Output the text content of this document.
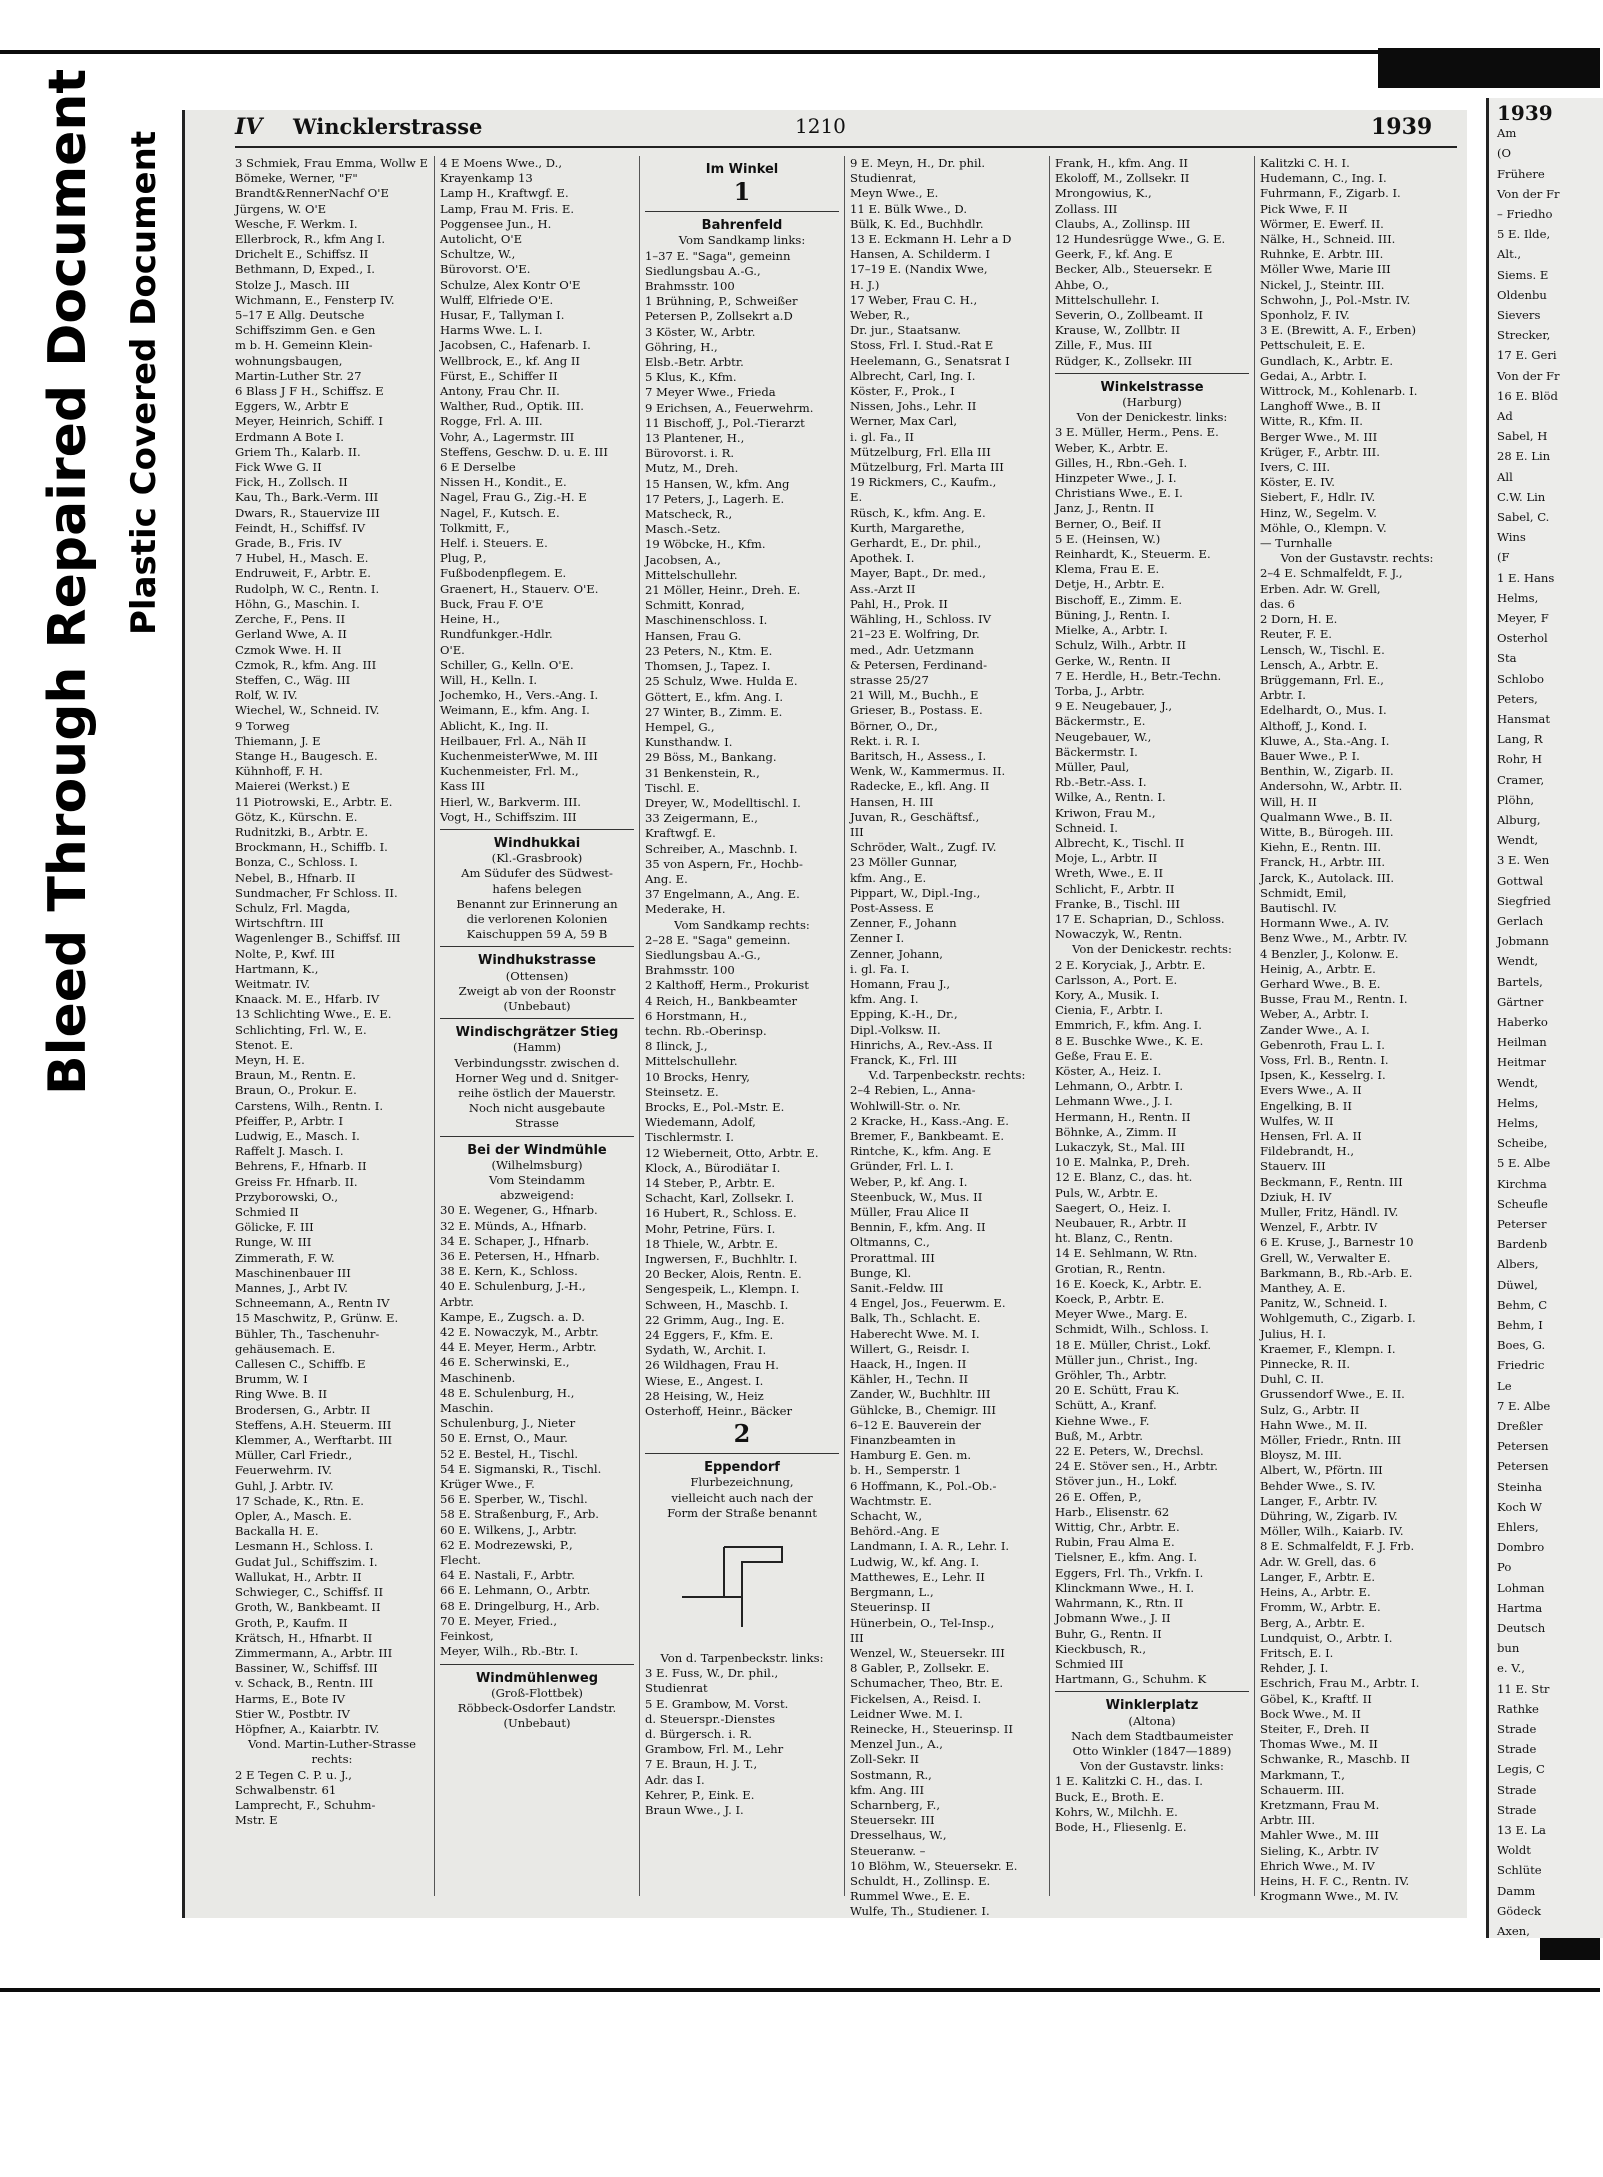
Bleed Through Repaired Document Plastic Covered Document
IV Wincklerstrasse	1210	1939

3 Schmiek, Frau Emma, Wollw E

Bömeke, Werner, "F"

Brandt&RennerNachf O'E

Jürgens, W. O'E

Wesche, F. Werkm. I.

Ellerbrock, R., kfm Ang I.

Drichelt E., Schiffsz. II

Bethmann, D, Exped., I.

Stolze J., Masch. III

Wichmann, E., Fensterp IV.

5–17 E Allg. Deutsche

Schiffszimm Gen. e Gen

m b. H. Gemeinn Klein-

wohnungsbaugen,

Martin-Luther Str. 27

6 Blass J F H., Schiffsz. E

Eggers, W., Arbtr E

Meyer, Heinrich, Schiff. I

Erdmann A Bote I.

Griem Th., Kalarb. II.

Fick Wwe G. II

Fick, H., Zollsch. II

Kau, Th., Bark.-Verm. III

Dwars, R., Stauervize III

Feindt, H., Schiffsf. IV

Grade, B., Fris. IV

7 Hubel, H., Masch. E.

Endruweit, F., Arbtr. E.

Rudolph, W. C., Rentn. I.

Höhn, G., Maschin. I.

Zerche, F., Pens. II

Gerland Wwe, A. II

Czmok Wwe. H. II

Czmok, R., kfm. Ang. III

Steffen, C., Wäg. III

Rolf, W. IV.

Wiechel, W., Schneid. IV.

9 Torweg

Thiemann, J. E

Stange H., Baugesch. E.

Kühnhoff, F. H.

Maierei (Werkst.) E

11 Piotrowski, E., Arbtr. E.

Götz, K., Kürschn. E.

Rudnitzki, B., Arbtr. E.

Brockmann, H., Schiffb. I.

Bonza, C., Schloss. I.

Nebel, B., Hfnarb. II

Sundmacher, Fr Schloss. II.

Schulz, Frl. Magda,

Wirtschftrn. III

Wagenlenger B., Schiffsf. III

Nolte, P., Kwf. III

Hartmann, K.,

Weitmatr. IV.

Knaack. M. E., Hfarb. IV

13 Schlichting Wwe., E. E.

Schlichting, Frl. W., E.

Stenot. E.

Meyn, H. E.

Braun, M., Rentn. E.

Braun, O., Prokur. E.

Carstens, Wilh., Rentn. I.

Pfeiffer, P., Arbtr. I

Ludwig, E., Masch. I.

Raffelt J. Masch. I.

Behrens, F., Hfnarb. II

Greiss Fr. Hfnarb. II.

Przyborowski, O.,

Schmied II

Gölicke, F. III

Runge, W. III

Zimmerath, F. W.

Maschinenbauer III

Mannes, J., Arbt IV.

Schneemann, A., Rentn IV

15 Maschwitz, P., Grünw. E.

Bühler, Th., Taschenuhr-

gehäusemach. E.

Callesen C., Schiffb. E

Brumm, W. I

Ring Wwe. B. II

Brodersen, G., Arbtr. II

Steffens, A.H. Steuerm. III

Klemmer, A., Werftarbt. III

Müller, Carl Friedr.,

Feuerwehrm. IV.

Guhl, J. Arbtr. IV.

17 Schade, K., Rtn. E.

Opler, A., Masch. E.

Backalla H. E.

Lesmann H., Schloss. I.

Gudat Jul., Schiffszim. I.

Wallukat, H., Arbtr. II

Schwieger, C., Schiffsf. II

Groth, W., Bankbeamt. II

Groth, P., Kaufm. II

Krätsch, H., Hfnarbt. II

Zimmermann, A., Arbtr. III

Bassiner, W., Schiffsf. III

v. Schack, B., Rentn. III

Harms, E., Bote IV

Stier W., Postbtr. IV

Höpfner, A., Kaiarbtr. IV.

Vond. Martin-Luther-Strasse

rechts:

2 E Tegen C. P. u. J.,

Schwalbenstr. 61

Lamprecht, F., Schuhm-

Mstr. E

4 E Moens Wwe., D.,

Krayenkamp 13

Lamp H., Kraftwgf. E.

Lamp, Frau M. Fris. E.

Poggensee Jun., H.

Autolicht, O'E

Schultze, W.,

Bürovorst. O'E.

Schulze, Alex Kontr O'E

Wulff, Elfriede O'E.

Husar, F., Tallyman I.

Harms Wwe. L. I.

Jacobsen, C., Hafenarb. I.

Wellbrock, E., kf. Ang II

Fürst, E., Schiffer II

Antony, Frau Chr. II.

Walther, Rud., Optik. III.

Rogge, Frl. A. III.

Vohr, A., Lagermstr. III

Steffens, Geschw. D. u. E. III

6 E Derselbe

Nissen H., Kondit., E.

Nagel, Frau G., Zig.-H. E

Nagel, F., Kutsch. E.

Tolkmitt, F.,

Helf. i. Steuers. E.

Plug, P.,

Fußbodenpflegem. E.

Graenert, H., Stauerv. O'E.

Buck, Frau F. O'E

Heine, H.,

Rundfunkger.-Hdlr.

O'E.

Schiller, G., Kelln. O'E.

Will, H., Kelln. I.

Jochemko, H., Vers.-Ang. I.

Weimann, E., kfm. Ang. I.

Ablicht, K., Ing. II.

Heilbauer, Frl. A., Näh II

KuchenmeisterWwe, M. III

Kuchenmeister, Frl. M.,

Kass III

Hierl, W., Barkverm. III.

Vogt, H., Schiffszim. III

Windhukkai

(Kl.-Grasbrook)

Am Südufer des Südwest-

hafens belegen

Benannt zur Erinnerung an

die verlorenen Kolonien

Kaischuppen 59 A, 59 B

Windhukstrasse

(Ottensen)

Zweigt ab von der Roonstr

(Unbebaut)

Windischgrätzer Stieg

(Hamm)

Verbindungsstr. zwischen d.

Horner Weg und d. Snitger-

reihe östlich der Mauerstr.

Noch nicht ausgebaute

Strasse

Bei der Windmühle

(Wilhelmsburg)

Vom Steindamm

abzweigend:

30 E. Wegener, G., Hfnarb.

32 E. Münds, A., Hfnarb.

34 E. Schaper, J., Hfnarb.

36 E. Petersen, H., Hfnarb.

38 E. Kern, K., Schloss.

40 E. Schulenburg, J.-H.,

Arbtr.

Kampe, E., Zugsch. a. D.

42 E. Nowaczyk, M., Arbtr.

44 E. Meyer, Herm., Arbtr.

46 E. Scherwinski, E.,

Maschinenb.

48 E. Schulenburg, H.,

Maschin.

Schulenburg, J., Nieter

50 E. Ernst, O., Maur.

52 E. Bestel, H., Tischl.

54 E. Sigmanski, R., Tischl.

Krüger Wwe., F.

56 E. Sperber, W., Tischl.

58 E. Straßenburg, F., Arb.

60 E. Wilkens, J., Arbtr.

62 E. Modrezewski, P.,

Flecht.

64 E. Nastali, F., Arbtr.

66 E. Lehmann, O., Arbtr.

68 E. Dringelburg, H., Arb.

70 E. Meyer, Fried.,

Feinkost,

Meyer, Wilh., Rb.-Btr. I.

Windmühlenweg

(Groß-Flottbek)

Röbbeck-Osdorfer Landstr.

(Unbebaut)

Im Winkel

1

Bahrenfeld

Vom Sandkamp links:

1–37 E. "Saga", gemeinn

Siedlungsbau A.-G.,

Brahmsstr. 100

1 Brühning, P., Schweißer

Petersen P., Zollsekrt a.D

3 Köster, W., Arbtr.

Göhring, H.,

Elsb.-Betr. Arbtr.

5 Klus, K., Kfm.

7 Meyer Wwe., Frieda

9 Erichsen, A., Feuerwehrm.

11 Bischoff, J., Pol.-Tierarzt

13 Plantener, H.,

Bürovorst. i. R.

Mutz, M., Dreh.

15 Hansen, W., kfm. Ang

17 Peters, J., Lagerh. E.

Matscheck, R.,

Masch.-Setz.

19 Wöbcke, H., Kfm.

Jacobsen, A.,

Mittelschullehr.

21 Möller, Heinr., Dreh. E.

Schmitt, Konrad,

Maschinenschloss. I.

Hansen, Frau G.

23 Peters, N., Ktm. E.

Thomsen, J., Tapez. I.

25 Schulz, Wwe. Hulda E.

Göttert, E., kfm. Ang. I.

27 Winter, B., Zimm. E.

Hempel, G.,

Kunsthandw. I.

29 Böss, M., Bankang.

31 Benkenstein, R.,

Tischl. E.

Dreyer, W., Modelltischl. I.

33 Zeigermann, E.,

Kraftwgf. E.

Schreiber, A., Maschnb. I.

35 von Aspern, Fr., Hochb-

Ang. E.

37 Engelmann, A., Ang. E.

Mederake, H.

Vom Sandkamp rechts:

2–28 E. "Saga" gemeinn.

Siedlungsbau A.-G.,

Brahmsstr. 100

2 Kalthoff, Herm., Prokurist

4 Reich, H., Bankbeamter

6 Horstmann, H.,

techn. Rb.-Oberinsp.

8 Ilinck, J.,

Mittelschullehr.

10 Brocks, Henry,

Steinsetz. E.

Brocks, E., Pol.-Mstr. E.

Wiedemann, Adolf,

Tischlermstr. I.

12 Wieberneit, Otto, Arbtr. E.

Klock, A., Bürodiätar I.

14 Steber, P., Arbtr. E.

Schacht, Karl, Zollsekr. I.

16 Hubert, R., Schloss. E.

Mohr, Petrine, Fürs. I.

18 Thiele, W., Arbtr. E.

Ingwersen, F., Buchhltr. I.

20 Becker, Alois, Rentn. E.

Sengespeik, L., Klempn. I.

Schween, H., Maschb. I.

22 Grimm, Aug., Ing. E.

24 Eggers, F., Kfm. E.

Sydath, W., Archit. I.

26 Wildhagen, Frau H.

Wiese, E., Angest. I.

28 Heising, W., Heiz

Osterhoff, Heinr., Bäcker

2

Eppendorf

Flurbezeichnung,

vielleicht auch nach der

Form der Straße benannt

Von d. Tarpenbeckstr. links:

3 E. Fuss, W., Dr. phil.,

Studienrat

5 E. Grambow, M. Vorst.

d. Steuerspr.-Dienstes

d. Bürgersch. i. R.

Grambow, Frl. M., Lehr

7 E. Braun, H. J. T.,

Adr. das I.

Kehrer, P., Eink. E.

Braun Wwe., J. I.

9 E. Meyn, H., Dr. phil.

Studienrat,

Meyn Wwe., E.

11 E. Bülk Wwe., D.

Bülk, K. Ed., Buchhdlr.

13 E. Eckmann H. Lehr a D

Hansen, A. Schilderm. I

17–19 E. (Nandix Wwe,

H. J.)

17 Weber, Frau C. H.,

Weber, R.,

Dr. jur., Staatsanw.

Stoss, Frl. I. Stud.-Rat E

Heelemann, G., Senatsrat I

Albrecht, Carl, Ing. I.

Köster, F., Prok., I

Nissen, Johs., Lehr. II

Werner, Max Carl,

i. gl. Fa., II

Mützelburg, Frl. Ella III

Mützelburg, Frl. Marta III

19 Rickmers, C., Kaufm.,

E.

Rüsch, K., kfm. Ang. E.

Kurth, Margarethe,

Gerhardt, E., Dr. phil.,

Apothek. I.

Mayer, Bapt., Dr. med.,

Ass.-Arzt II

Pahl, H., Prok. II

Wähling, H., Schloss. IV

21–23 E. Wolfring, Dr.

med., Adr. Uetzmann

& Petersen, Ferdinand-

strasse 25/27

21 Will, M., Buchh., E

Grieser, B., Postass. E.

Börner, O., Dr.,

Rekt. i. R. I.

Baritsch, H., Assess., I.

Wenk, W., Kammermus. II.

Radecke, E., kfl. Ang. II

Hansen, H. III

Juvan, R., Geschäftsf.,

III

Schröder, Walt., Zugf. IV.

23 Möller Gunnar,

kfm. Ang., E.

Pippart, W., Dipl.-Ing.,

Post-Assess. E

Zenner, F., Johann

Zenner I.

Zenner, Johann,

i. gl. Fa. I.

Homann, Frau J.,

kfm. Ang. I.

Epping, K.-H., Dr.,

Dipl.-Volksw. II.

Hinrichs, A., Rev.-Ass. II

Franck, K., Frl. III

V.d. Tarpenbeckstr. rechts:

2–4 Rebien, L., Anna-

Wohlwill-Str. o. Nr.

2 Kracke, H., Kass.-Ang. E.

Bremer, F., Bankbeamt. E.

Rintche, K., kfm. Ang. E

Gründer, Frl. L. I.

Weber, P., kf. Ang. I.

Steenbuck, W., Mus. II

Müller, Frau Alice II

Bennin, F., kfm. Ang. II

Oltmanns, C.,

Prorattmal. III

Bunge, Kl.

Sanit.-Feldw. III

4 Engel, Jos., Feuerwm. E.

Balk, Th., Schlacht. E.

Haberecht Wwe. M. I.

Willert, G., Reisdr. I.

Haack, H., Ingen. II

Kähler, H., Techn. II

Zander, W., Buchhltr. III

Gühlcke, B., Chemigr. III

6–12 E. Bauverein der

Finanzbeamten in

Hamburg E. Gen. m.

b. H., Semperstr. 1

6 Hoffmann, K., Pol.-Ob.-

Wachtmstr. E.

Schacht, W.,

Behörd.-Ang. E

Landmann, I. A. R., Lehr. I.

Ludwig, W., kf. Ang. I.

Matthewes, E., Lehr. II

Bergmann, L.,

Steuerinsp. II

Hünerbein, O., Tel-Insp.,

III

Wenzel, W., Steuersekr. III

8 Gabler, P., Zollsekr. E.

Schumacher, Theo, Btr. E.

Fickelsen, A., Reisd. I.

Leidner Wwe. M. I.

Reinecke, H., Steuerinsp. II

Menzel Jun., A.,

Zoll-Sekr. II

Sostmann, R.,

kfm. Ang. III

Scharnberg, F.,

Steuersekr. III

Dresselhaus, W.,

Steueranw. –

10 Blöhm, W., Steuersekr. E.

Schuldt, H., Zollinsp. E.

Rummel Wwe., E. E.

Wulfe, Th., Studiener. I.

Frank, H., kfm. Ang. II

Ekoloff, M., Zollsekr. II

Mrongowius, K.,

Zollass. III

Claubs, A., Zollinsp. III

12 Hundesrügge Wwe., G. E.

Geerk, F., kf. Ang. E

Becker, Alb., Steuersekr. E

Ahbe, O.,

Mittelschullehr. I.

Severin, O., Zollbeamt. II

Krause, W., Zollbtr. II

Zille, F., Mus. III

Rüdger, K., Zollsekr. III

Winkelstrasse

(Harburg)

Von der Denickestr. links:

3 E. Müller, Herm., Pens. E.

Weber, K., Arbtr. E.

Gilles, H., Rbn.-Geh. I.

Hinzpeter Wwe., J. I.

Christians Wwe., E. I.

Janz, J., Rentn. II

Berner, O., Beif. II

5 E. (Heinsen, W.)

Reinhardt, K., Steuerm. E.

Klema, Frau E. E.

Detje, H., Arbtr. E.

Bischoff, E., Zimm. E.

Büning, J., Rentn. I.

Mielke, A., Arbtr. I.

Schulz, Wilh., Arbtr. II

Gerke, W., Rentn. II

7 E. Herdle, H., Betr.-Techn.

Torba, J., Arbtr.

9 E. Neugebauer, J.,

Bäckermstr., E.

Neugebauer, W.,

Bäckermstr. I.

Müller, Paul,

Rb.-Betr.-Ass. I.

Wilke, A., Rentn. I.

Kriwon, Frau M.,

Schneid. I.

Albrecht, K., Tischl. II

Moje, L., Arbtr. II

Wreth, Wwe., E. II

Schlicht, F., Arbtr. II

Franke, B., Tischl. III

17 E. Schaprian, D., Schloss.

Nowaczyk, W., Rentn.

Von der Denickestr. rechts:

2 E. Koryciak, J., Arbtr. E.

Carlsson, A., Port. E.

Kory, A., Musik. I.

Cienia, F., Arbtr. I.

Emmrich, F., kfm. Ang. I.

8 E. Buschke Wwe., K. E.

Geße, Frau E. E.

Köster, A., Heiz. I.

Lehmann, O., Arbtr. I.

Lehmann Wwe., J. I.

Hermann, H., Rentn. II

Böhnke, A., Zimm. II

Lukaczyk, St., Mal. III

10 E. Malnka, P., Dreh.

12 E. Blanz, C., das. ht.

Puls, W., Arbtr. E.

Saegert, O., Heiz. I.

Neubauer, R., Arbtr. II

ht. Blanz, C., Rentn.

14 E. Sehlmann, W. Rtn.

Grotian, R., Rentn.

16 E. Koeck, K., Arbtr. E.

Koeck, P., Arbtr. E.

Meyer Wwe., Marg. E.

Schmidt, Wilh., Schloss. I.

18 E. Müller, Christ., Lokf.

Müller jun., Christ., Ing.

Gröhler, Th., Arbtr.

20 E. Schütt, Frau K.

Schütt, A., Kranf.

Kiehne Wwe., F.

Buß, M., Arbtr.

22 E. Peters, W., Drechsl.

24 E. Stöver sen., H., Arbtr.

Stöver jun., H., Lokf.

26 E. Offen, P.,

Harb., Elisenstr. 62

Wittig, Chr., Arbtr. E.

Rubin, Frau Alma E.

Tielsner, E., kfm. Ang. I.

Eggers, Frl. Th., Vrkfn. I.

Klinckmann Wwe., H. I.

Wahrmann, K., Rtn. II

Jobmann Wwe., J. II

Buhr, G., Rentn. II

Kieckbusch, R.,

Schmied III

Hartmann, G., Schuhm. K

Winklerplatz

(Altona)

Nach dem Stadtbaumeister

Otto Winkler (1847—1889)

Von der Gustavstr. links:

1 E. Kalitzki C. H., das. I.

Buck, E., Broth. E.

Kohrs, W., Milchh. E.

Bode, H., Fliesenlg. E.

Kalitzki C. H. I.

Hudemann, C., Ing. I.

Fuhrmann, F., Zigarb. I.

Pick Wwe, F. II

Wörmer, E. Ewerf. II.

Nälke, H., Schneid. III.

Ruhnke, E. Arbtr. III.

Möller Wwe, Marie III

Nickel, J., Steintr. III.

Schwohn, J., Pol.-Mstr. IV.

Sponholz, F. IV.

3 E. (Brewitt, A. F., Erben)

Pettschuleit, E. E.

Gundlach, K., Arbtr. E.

Gedai, A., Arbtr. I.

Wittrock, M., Kohlenarb. I.

Langhoff Wwe., B. II

Witte, R., Kfm. II.

Berger Wwe., M. III

Krüger, F., Arbtr. III.

Ivers, C. III.

Köster, E. IV.

Siebert, F., Hdlr. IV.

Hinz, W., Segelm. V.

Möhle, O., Klempn. V.

— Turnhalle

Von der Gustavstr. rechts:

2–4 E. Schmalfeldt, F. J.,

Erben. Adr. W. Grell,

das. 6

2 Dorn, H. E.

Reuter, F. E.

Lensch, W., Tischl. E.

Lensch, A., Arbtr. E.

Brüggemann, Frl. E.,

Arbtr. I.

Edelhardt, O., Mus. I.

Althoff, J., Kond. I.

Kluwe, A., Sta.-Ang. I.

Bauer Wwe., P. I.

Benthin, W., Zigarb. II.

Andersohn, W., Arbtr. II.

Will, H. II

Qualmann Wwe., B. II.

Witte, B., Bürogeh. III.

Kiehn, E., Rentn. III.

Franck, H., Arbtr. III.

Jarck, K., Autolack. III.

Schmidt, Emil,

Bautischl. IV.

Hormann Wwe., A. IV.

Benz Wwe., M., Arbtr. IV.

4 Benzler, J., Kolonw. E.

Heinig, A., Arbtr. E.

Gerhard Wwe., B. E.

Busse, Frau M., Rentn. I.

Weber, A., Arbtr. I.

Zander Wwe., A. I.

Gebenroth, Frau L. I.

Voss, Frl. B., Rentn. I.

Ipsen, K., Kesselrg. I.

Evers Wwe., A. II

Engelking, B. II

Wulfes, W. II

Hensen, Frl. A. II

Fildebrandt, H.,

Stauerv. III

Beckmann, F., Rentn. III

Dziuk, H. IV

Muller, Fritz, Händl. IV.

Wenzel, F., Arbtr. IV

6 E. Kruse, J., Barnestr 10

Grell, W., Verwalter E.

Barkmann, B., Rb.-Arb. E.

Manthey, A. E.

Panitz, W., Schneid. I.

Wohlgemuth, C., Zigarb. I.

Julius, H. I.

Kraemer, F., Klempn. I.

Pinnecke, R. II.

Duhl, C. II.

Grussendorf Wwe., E. II.

Sulz, G., Arbtr. II

Hahn Wwe., M. II.

Möller, Friedr., Rntn. III

Bloysz, M. III.

Albert, W., Pförtn. III

Behder Wwe., S. IV.

Langer, F., Arbtr. IV.

Dühring, W., Zigarb. IV.

Möller, Wilh., Kaiarb. IV.

8 E. Schmalfeldt, F. J. Frb.

Adr. W. Grell, das. 6

Langer, F., Arbtr. E.

Heins, A., Arbtr. E.

Fromm, W., Arbtr. E.

Berg, A., Arbtr. E.

Lundquist, O., Arbtr. I.

Fritsch, E. I.

Rehder, J. I.

Eschrich, Frau M., Arbtr. I.

Göbel, K., Kraftf. II

Bock Wwe., M. II

Steiter, F., Dreh. II

Thomas Wwe., M. II

Schwanke, R., Maschb. II

Markmann, T.,

Schauerm. III.

Kretzmann, Frau M.

Arbtr. III.

Mahler Wwe., M. III

Sieling, K., Arbtr. IV

Ehrich Wwe., M. IV

Heins, H. F. C., Rentn. IV.

Krogmann Wwe., M. IV.

1939
Am
(O
Frühere
Von der Fr
– Friedho
5 E. Ilde,
Alt.,
Siems. E
Oldenbu
Sievers
Strecker,
17 E. Geri
Von der Fr
16 E. Blöd
Ad
Sabel, H
28 E. Lin
All
C.W. Lin
Sabel, C.
Wins
(F
1 E. Hans
Helms,
Meyer, F
Osterhol
Sta
Schlobo
Peters,
Hansmat
Lang, R
Rohr, H
Cramer,
Plöhn,
Alburg,
Wendt,
3 E. Wen
Gottwal
Siegfried
Gerlach
Jobmann
Wendt,
Bartels,
Gärtner
Haberko
Heilman
Heitmar
Wendt,
Helms,
Helms,
Scheibe,
5 E. Albe
Kirchma
Scheufle
Peterser
Bardenb
Albers,
Düwel,
Behm, C
Behm, I
Boes, G.
Friedric
Le
7 E. Albe
Dreßler
Petersen
Petersen
Steinha
Koch W
Ehlers,
Dombro
Po
Lohman
Hartma
Deutsch
bun
e. V.,
11 E. Str
Rathke
Strade
Strade
Legis, C
Strade
Strade
13 E. La
Woldt
Schlüte
Damm
Gödeck
Axen,
